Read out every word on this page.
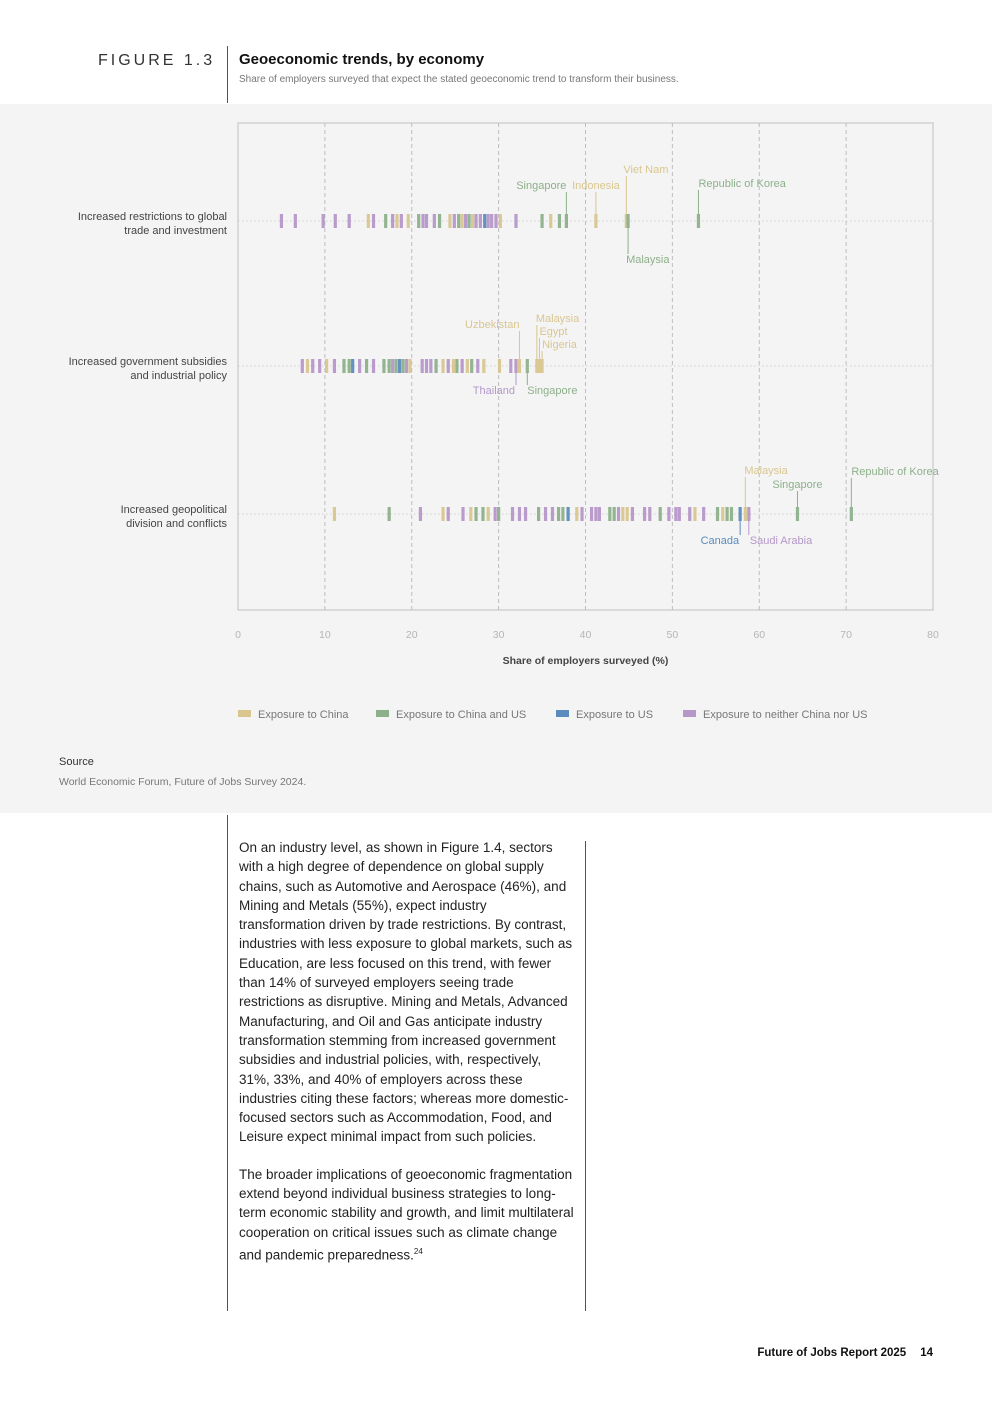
FIGURE 1.3 Geoeconomic trends, by economy
Share of employers surveyed that expect the stated geoeconomic trend to transform their business.
0	10	20	30	40	50	60	70	80
Share of employers surveyed (%)
Increased restrictions to global
trade and investment
Singapore Indonesia
Viet Nam
Republic of Korea
Malaysia
Increased government subsidies
and industrial policy
Uzbekistan Malaysia
Egypt
Nigeria
Thailand Singapore
Increased geopolitical
division and conflicts
Malaysia
Singapore
Republic of Korea
Canada Saudi Arabia
Exposure to China	Exposure to China and US	Exposure to US	Exposure to neither China nor US
Source
World Economic Forum, Future of Jobs Survey 2024.

On an industry level, as shown in Figure 1.4, sectors with a high degree of dependence on global supply chains, such as Automotive and Aerospace (46%), and Mining and Metals (55%), expect industry transformation driven by trade restrictions. By contrast, industries with less exposure to global markets, such as Education, are less focused on this trend, with fewer than 14% of surveyed employers seeing trade restrictions as disruptive. Mining and Metals, Advanced Manufacturing, and Oil and Gas anticipate industry transformation stemming from increased government subsidies and industrial policies, with, respectively, 31%, 33%, and 40% of employers across these industries citing these factors; whereas more domestic-focused sectors such as Accommodation, Food, and Leisure expect minimal impact from such policies.

The broader implications of geoeconomic fragmentation extend beyond individual business strategies to long-term economic stability and growth, and limit multilateral cooperation on critical issues such as climate change and pandemic preparedness.$^{24}$

Future of Jobs Report 2025 14
